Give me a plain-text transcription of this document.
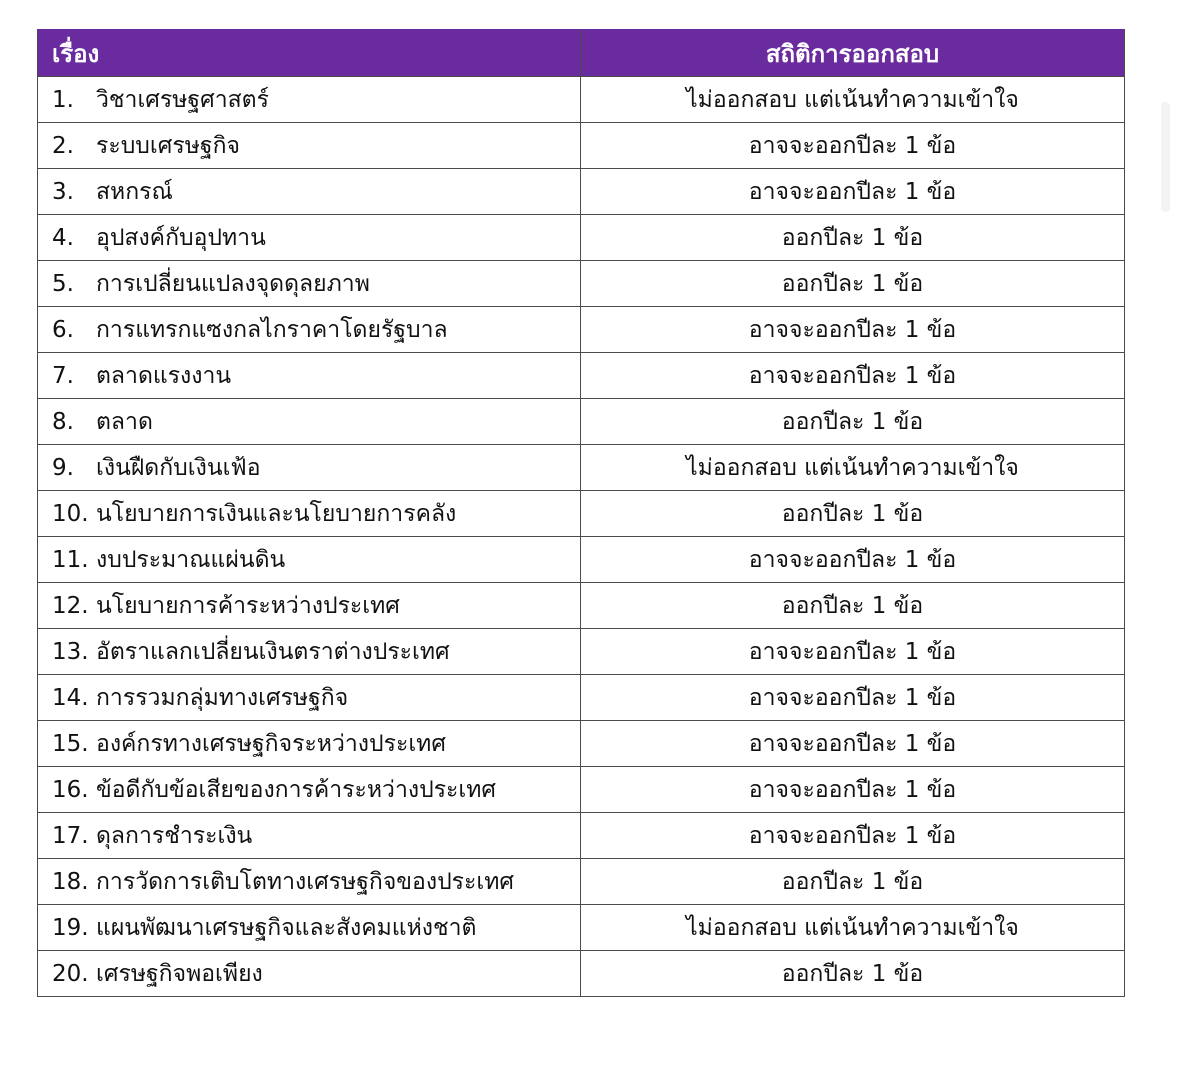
เรื่อง	สถิติการออกสอบ
1. วิชาเศรษฐศาสตร์	ไม่ออกสอบ แต่เน้นทำความเข้าใจ
2. ระบบเศรษฐกิจ	อาจจะออกปีละ 1 ข้อ
3. สหกรณ์	อาจจะออกปีละ 1 ข้อ
4. อุปสงค์กับอุปทาน	ออกปีละ 1 ข้อ
5. การเปลี่ยนแปลงจุดดุลยภาพ	ออกปีละ 1 ข้อ
6. การแทรกแซงกลไกราคาโดยรัฐบาล	อาจจะออกปีละ 1 ข้อ
7. ตลาดแรงงาน	อาจจะออกปีละ 1 ข้อ
8. ตลาด	ออกปีละ 1 ข้อ
9. เงินฝืดกับเงินเฟ้อ	ไม่ออกสอบ แต่เน้นทำความเข้าใจ
10. นโยบายการเงินและนโยบายการคลัง	ออกปีละ 1 ข้อ
11. งบประมาณแผ่นดิน	อาจจะออกปีละ 1 ข้อ
12. นโยบายการค้าระหว่างประเทศ	ออกปีละ 1 ข้อ
13. อัตราแลกเปลี่ยนเงินตราต่างประเทศ	อาจจะออกปีละ 1 ข้อ
14. การรวมกลุ่มทางเศรษฐกิจ	อาจจะออกปีละ 1 ข้อ
15. องค์กรทางเศรษฐกิจระหว่างประเทศ	อาจจะออกปีละ 1 ข้อ
16. ข้อดีกับข้อเสียของการค้าระหว่างประเทศ	อาจจะออกปีละ 1 ข้อ
17. ดุลการชำระเงิน	อาจจะออกปีละ 1 ข้อ
18. การวัดการเติบโตทางเศรษฐกิจของประเทศ	ออกปีละ 1 ข้อ
19. แผนพัฒนาเศรษฐกิจและสังคมแห่งชาติ	ไม่ออกสอบ แต่เน้นทำความเข้าใจ
20. เศรษฐกิจพอเพียง	ออกปีละ 1 ข้อ
